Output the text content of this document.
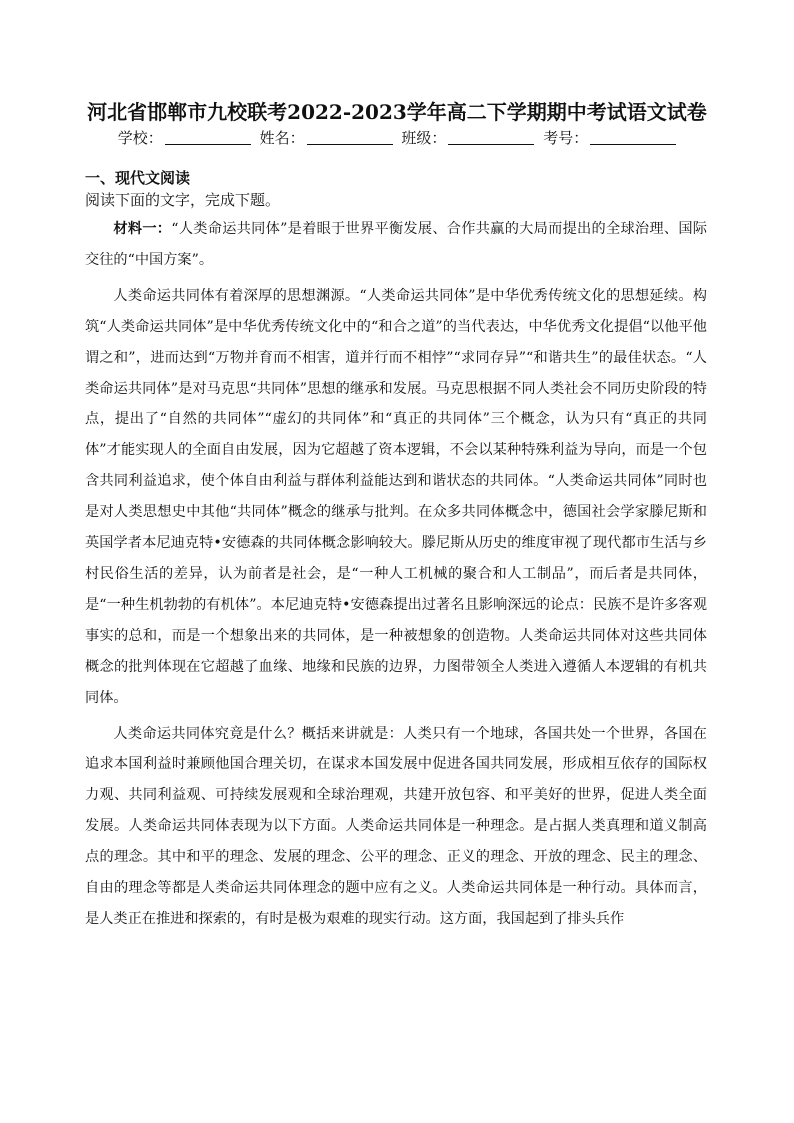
河北省邯郸市九校联考2022-2023学年高二下学期期中考试语文试卷
学校：	姓名：	班级：	考号：
一、现代文阅读
阅读下面的文字，完成下题。

材料一：“人类命运共同体”是着眼于世界平衡发展、合作共赢的大局而提出的全球治理、国际交往的“中国方案”。

人类命运共同体有着深厚的思想渊源。“人类命运共同体”是中华优秀传统文化的思想延续。构筑“人类命运共同体”是中华优秀传统文化中的“和合之道”的当代表达，中华优秀文化提倡“以他平他谓之和”，进而达到“万物并育而不相害，道并行而不相悖”“求同存异”“和谐共生”的最佳状态。“人类命运共同体”是对马克思“共同体”思想的继承和发展。马克思根据不同人类社会不同历史阶段的特点，提出了“自然的共同体”“虚幻的共同体”和“真正的共同体”三个概念，认为只有“真正的共同体”才能实现人的全面自由发展，因为它超越了资本逻辑，不会以某种特殊利益为导向，而是一个包含共同利益追求，使个体自由利益与群体利益能达到和谐状态的共同体。“人类命运共同体”同时也是对人类思想史中其他“共同体”概念的继承与批判。在众多共同体概念中，德国社会学家滕尼斯和英国学者本尼迪克特•安德森的共同体概念影响较大。滕尼斯从历史的维度审视了现代都市生活与乡村民俗生活的差异，认为前者是社会，是“一种人工机械的聚合和人工制品”，而后者是共同体，是“一种生机勃勃的有机体”。本尼迪克特•安德森提出过著名且影响深远的论点：民族不是许多客观事实的总和，而是一个想象出来的共同体，是一种被想象的创造物。人类命运共同体对这些共同体概念的批判体现在它超越了血缘、地缘和民族的边界，力图带领全人类进入遵循人本逻辑的有机共同体。

人类命运共同体究竟是什么？概括来讲就是：人类只有一个地球，各国共处一个世界，各国在追求本国利益时兼顾他国合理关切，在谋求本国发展中促进各国共同发展，形成相互依存的国际权力观、共同利益观、可持续发展观和全球治理观，共建开放包容、和平美好的世界，促进人类全面发展。人类命运共同体表现为以下方面。人类命运共同体是一种理念。是占据人类真理和道义制高点的理念。其中和平的理念、发展的理念、公平的理念、正义的理念、开放的理念、民主的理念、自由的理念等都是人类命运共同体理念的题中应有之义。人类命运共同体是一种行动。具体而言，是人类正在推进和探索的，有时是极为艰难的现实行动。这方面，我国起到了排头兵作
